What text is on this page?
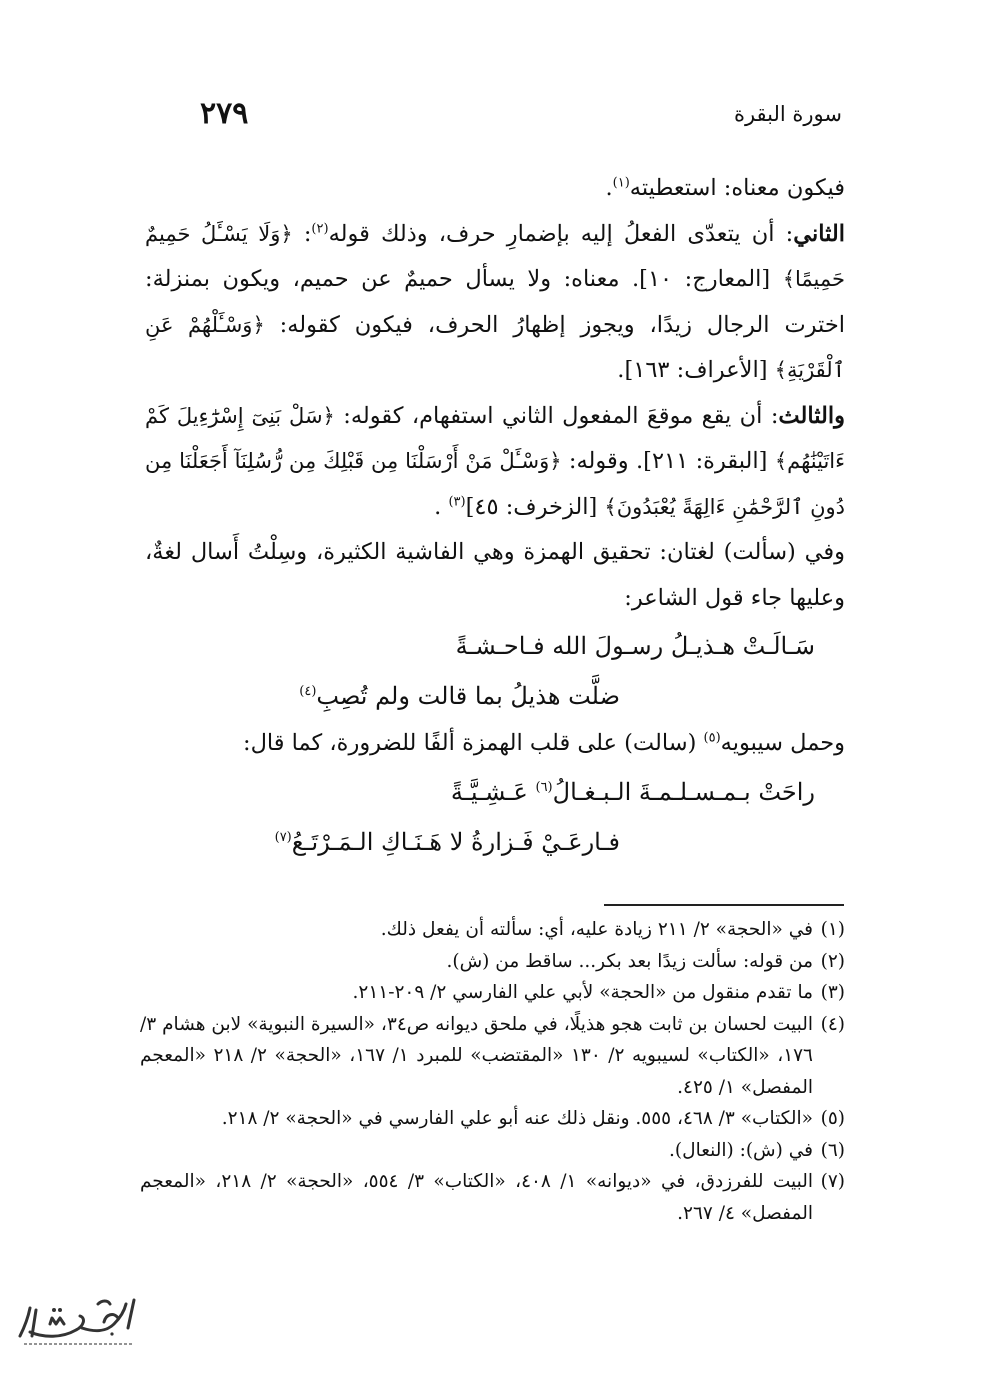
٢٧٩	سورة البقرة

فيكون معناه: استعطيته$^{(١)}$.

الثاني: أن يتعدّى الفعلُ إليه بإضمارِ حرف، وذلك قوله$^{(٢)}$: ﴿وَلَا يَسْـَٔلُ حَمِيمٌ حَمِيمًا﴾ [المعارج: ١٠]. معناه: ولا يسأل حميمٌ عن حميم، ويكون بمنزلة: اخترت الرجال زيدًا، ويجوز إظهارُ الحرف، فيكون كقوله: ﴿وَسْـَٔلْهُمْ عَنِ ٱلْقَرْيَةِ﴾ [الأعراف: ١٦٣].

والثالث: أن يقع موقعَ المفعول الثاني استفهام، كقوله: ﴿سَلْ بَنِىٓ إِسْرَٰٓءِيلَ كَمْ ءَاتَيْنَٰهُم﴾ [البقرة: ٢١١]. وقوله: ﴿وَسْـَٔلْ مَنْ أَرْسَلْنَا مِن قَبْلِكَ مِن رُّسُلِنَآ أَجَعَلْنَا مِن دُونِ ٱلرَّحْمَٰنِ ءَالِهَةً يُعْبَدُونَ﴾ [الزخرف: ٤٥]$^{(٣)}$ .

وفي (سألت) لغتان: تحقيق الهمزة وهي الفاشية الكثيرة، وسِلْتُ أَسال لغةٌ، وعليها جاء قول الشاعر:

سَـالَـتْ هـذيـلُ رسـولَ الله فـاحـشـةً

ضلَّت هذيلُ بما قالت ولم تُصِبِ$^{(٤)}$

وحمل سيبويه$^{(٥)}$ (سالت) على قلب الهمزة ألفًا للضرورة، كما قال:

راحَتْ بـمـسـلـمـةَ الـبـغـالُ$^{(٦)}$ عَـشِـيَّـةً

فـارعَـيْ فَـزارةُ لا هَـنَـاكِ الـمَـرْتَـعُ$^{(٧)}$

(١)
في «الحجة» ٢/ ٢١١ زيادة عليه، أي: سألته أن يفعل ذلك.
(٢)
من قوله: سألت زيدًا بعد بكر... ساقط من (ش).
(٣)
ما تقدم منقول من «الحجة» لأبي علي الفارسي ٢/ ٢٠٩-٢١١.
(٤)
البيت لحسان بن ثابت هجو هذيلًا، في ملحق ديوانه ص٣٤، «السيرة النبوية» لابن هشام ٣/ ١٧٦، «الكتاب» لسيبويه ٢/ ١٣٠ «المقتضب» للمبرد ١/ ١٦٧، «الحجة» ٢/ ٢١٨ «المعجم المفصل» ١/ ٤٢٥.
(٥)
«الكتاب» ٣/ ٤٦٨، ٥٥٥. ونقل ذلك عنه أبو علي الفارسي في «الحجة» ٢/ ٢١٨.
(٦)
في (ش): (النعال).
(٧)
البيت للفرزدق، في «ديوانه» ١/ ٤٠٨، «الكتاب» ٣/ ٥٥٤، «الحجة» ٢/ ٢١٨، «المعجم المفصل» ٤/ ٢٦٧.
